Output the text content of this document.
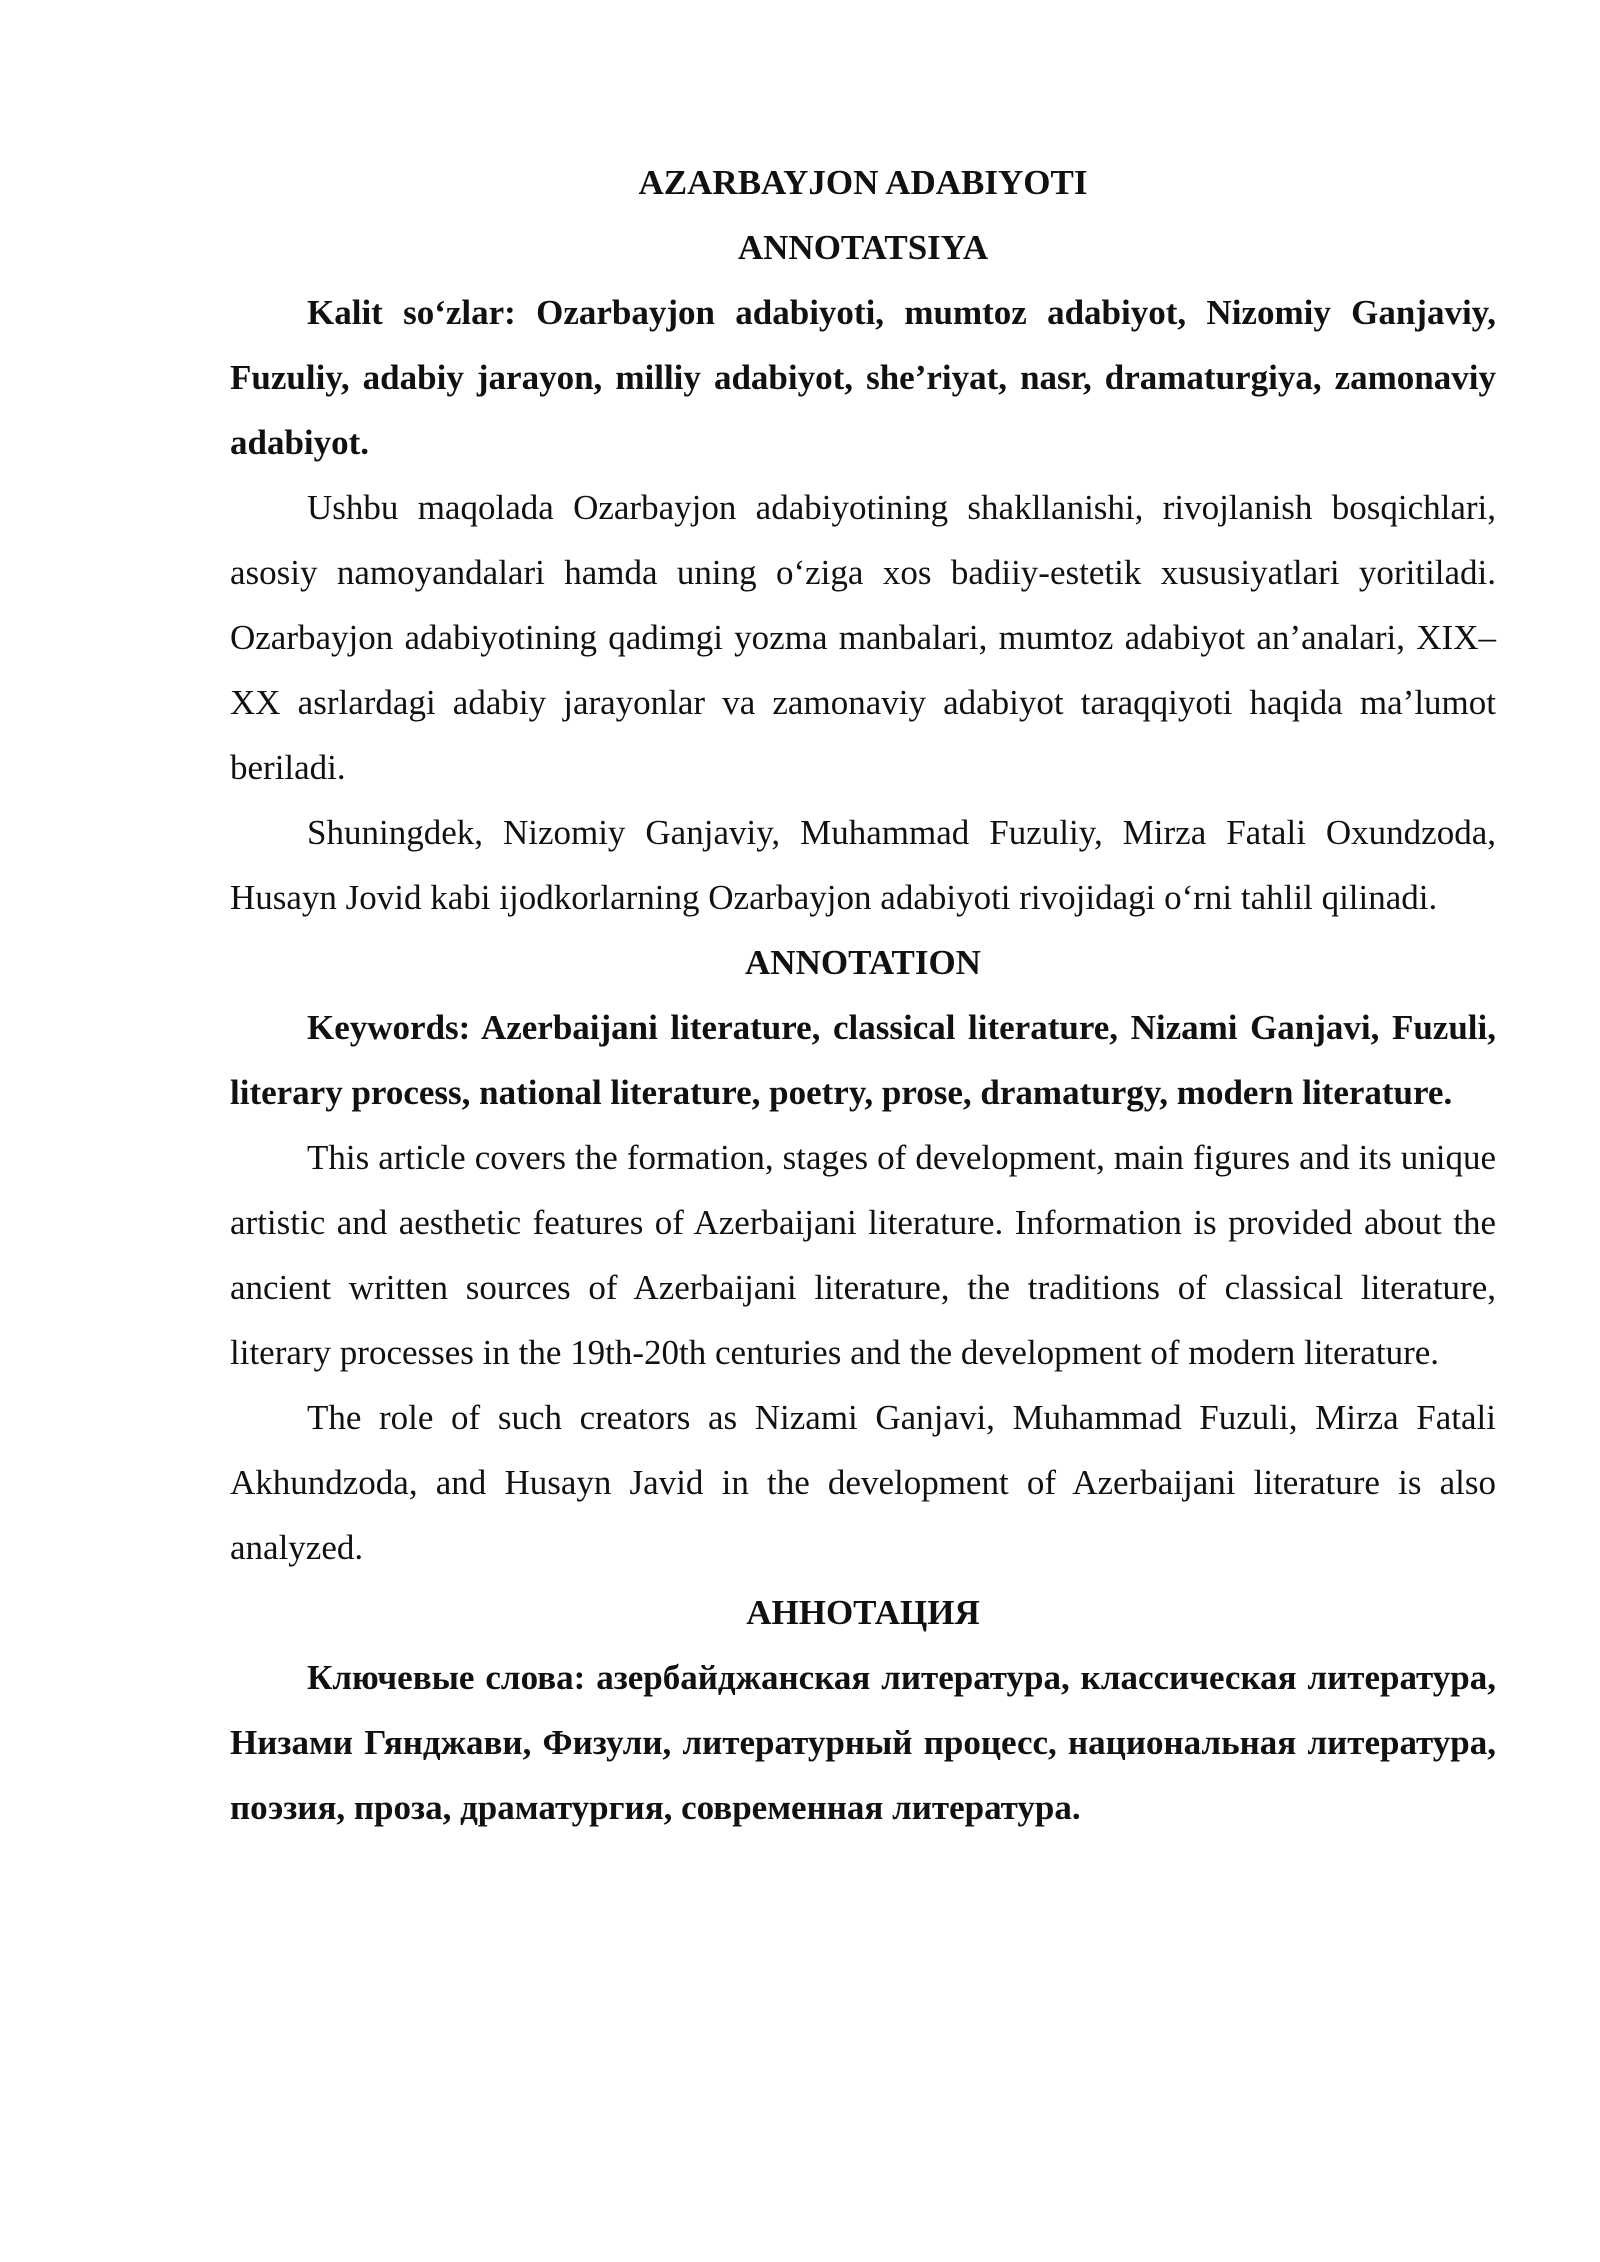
AZARBAYJON ADABIYOTI

ANNOTATSIYA

Kalit so‘zlar: Ozarbayjon adabiyoti, mumtoz adabiyot, Nizomiy Ganjaviy, Fuzuliy, adabiy jarayon, milliy adabiyot, she’riyat, nasr, dramaturgiya, zamonaviy adabiyot.

Ushbu maqolada Ozarbayjon adabiyotining shakllanishi, rivojlanish bosqichlari, asosiy namoyandalari hamda uning o‘ziga xos badiiy-estetik xususiyatlari yoritiladi. Ozarbayjon adabiyotining qadimgi yozma manbalari, mumtoz adabiyot an’analari, XIX–XX asrlardagi adabiy jarayonlar va zamonaviy adabiyot taraqqiyoti haqida ma’lumot beriladi.

Shuningdek, Nizomiy Ganjaviy, Muhammad Fuzuliy, Mirza Fatali Oxundzoda, Husayn Jovid kabi ijodkorlarning Ozarbayjon adabiyoti rivojidagi o‘rni tahlil qilinadi.

ANNOTATION

Keywords: Azerbaijani literature, classical literature, Nizami Ganjavi, Fuzuli, literary process, national literature, poetry, prose, dramaturgy, modern literature.

This article covers the formation, stages of development, main figures and its unique artistic and aesthetic features of Azerbaijani literature. Information is provided about the ancient written sources of Azerbaijani literature, the traditions of classical literature, literary processes in the 19th-20th centuries and the development of modern literature.

The role of such creators as Nizami Ganjavi, Muhammad Fuzuli, Mirza Fatali Akhundzoda, and Husayn Javid in the development of Azerbaijani literature is also analyzed.

АННОТАЦИЯ

Ключевые слова: азербайджанская литература, классическая литература, Низами Гянджави, Физули, литературный процесс, национальная литература, поэзия, проза, драматургия, современная литература.
